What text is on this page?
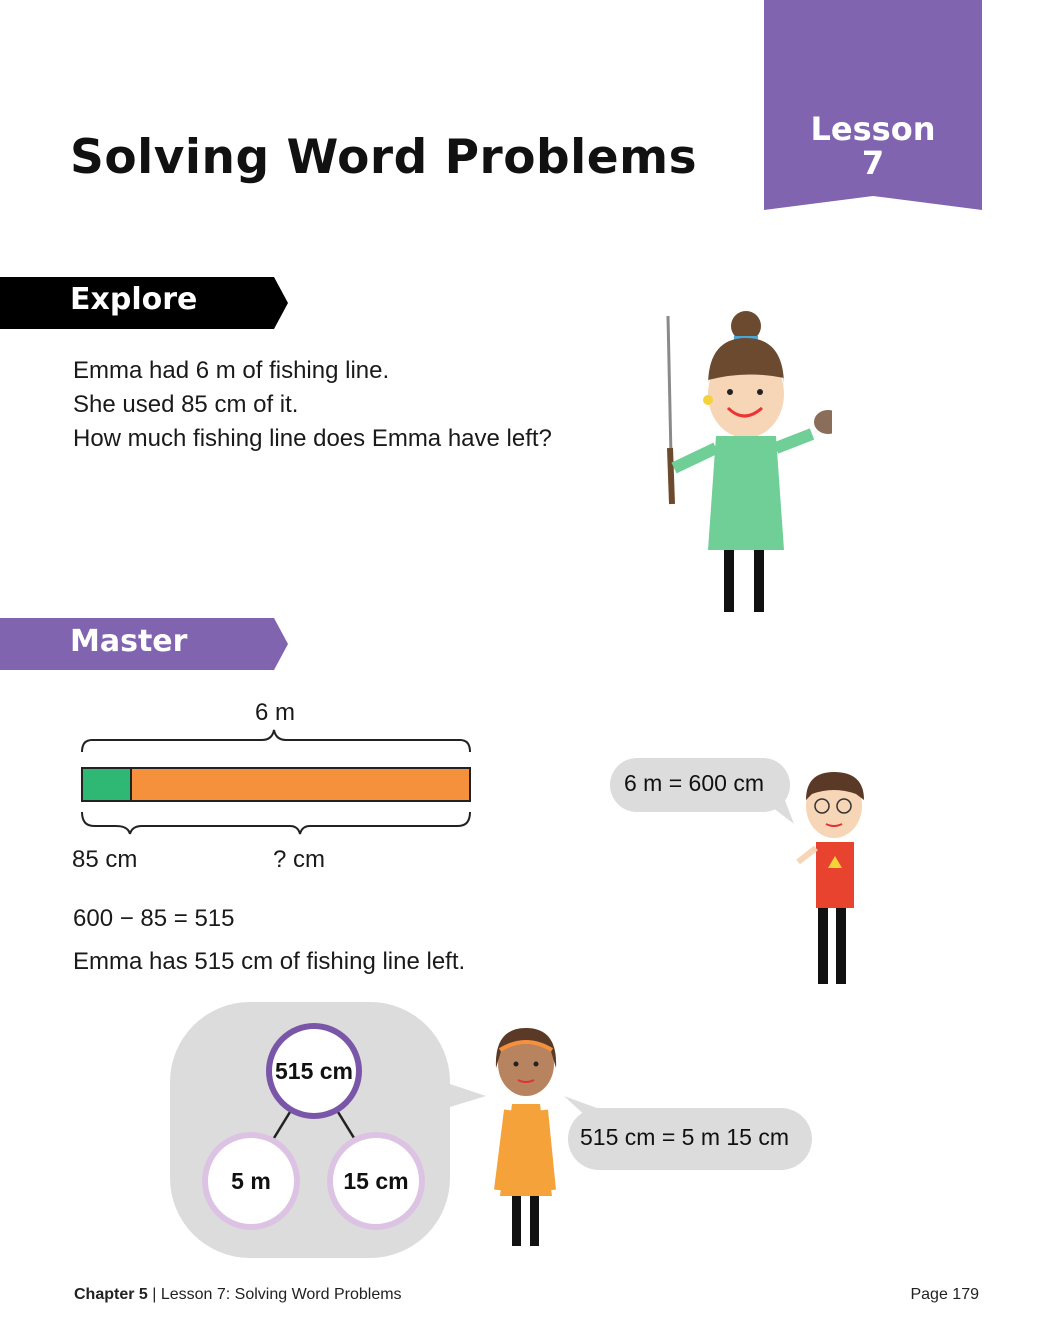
Lesson
7
Solving Word Problems
Explore
Emma had 6 m of fishing line.
She used 85 cm of it.
How much fishing line does Emma have left?
Master
6 m
85 cm	? cm
600 − 85 = 515
Emma has 515 cm of fishing line left.
6 m = 600 cm
515 cm
5 m	15 cm
515 cm = 5 m 15 cm
Chapter 5 | Lesson 7: Solving Word Problems	Page 179
